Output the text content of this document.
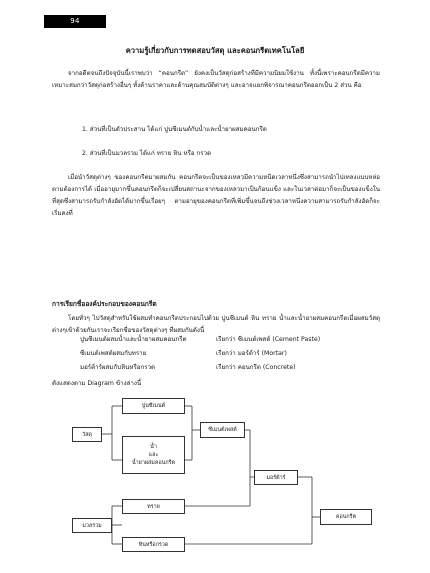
94
ความรู้เกี่ยวกับการทดสอบวัสดุ และคอนกรีตเทคโนโลยี

จากอดีตจนถึงปัจจุบันนี้เราพบว่า “คอนกรีต” ยังคงเป็นวัสดุก่อสร้างที่มีความนิยมใช้งาน ทั้งนี้เพราะคอนกรีตมีความเหมาะสมกว่าวัสดุก่อสร้างอื่นๆ ทั้งด้านราคาและด้านคุณสมบัติต่างๆ และอาจแยกพิจารณาคอนกรีตออกเป็น 2 ส่วน คือ

1. ส่วนที่เป็นตัวประสาน ได้แก่ ปูนซีเมนต์กับน้ำและน้ำยาผสมคอนกรีต
2. ส่วนที่เป็นมวลรวม ได้แก่ ทราย หิน หรือ กรวด

เมื่อนำวัสดุต่างๆ ของคอนกรีตมาผสมกัน คอนกรีตจะเป็นของเหลวมีความหนืดเวลาหนึ่งซึ่งสามารถนำไปเทลงแบบหล่อตามต้องการได้ เมื่ออายุมากขึ้นคอนกรีตก็จะเปลี่ยนสถานะจากของเหลวมาเป็นก้อนแข็ง และในเวลาต่อมาก็จะเป็นของแข็งในที่สุดซึ่งสามารถรับกำลังอัดได้มากขึ้นเรื่อยๆ ตามอายุของคอนกรีตที่เพิ่มขึ้นจนถึงช่วงเวลาหนึ่งความสามารถรับกำลังอัดก็จะเริ่มคงที่

การเรียกชื่อองค์ประกอบของคอนกรีต

โดยทั่วๆ ไปวัสดุสำหรับใช้ผสมทำคอนกรีตประกอบไปด้วย ปูนซีเมนต์ หิน ทราย น้ำและน้ำยาผสมคอนกรีตเมื่อผสมวัสดุต่างๆเข้าด้วยกันเราจะเรียกชื่อของวัสดุต่างๆ ที่ผสมกันดังนี้

ปูนซีเมนต์ผสมน้ำและน้ำยาผสมคอนกรีต	เรียกว่า ซีเมนต์เพสต์ (Cement Paste)
ซีเมนต์เพสต์ผสมกับทราย	เรียกว่า มอร์ต้าร์ (Mortar)
มอร์ต้าร์ผสมกับหินหรือกรวด	เรียกว่า คอนกรีต (Concrete)
ดังแสดงตาม Diagram ข้างล่างนี้
วัสดุ
ปูนซีเมนต์
น้ำ
และ
น้ำยาผสมคอนกรีต
ซีเมนต์เพสต์
มอร์ต้าร์
มวลรวม
ทราย
หินหรือกรวด
คอนกรีต
